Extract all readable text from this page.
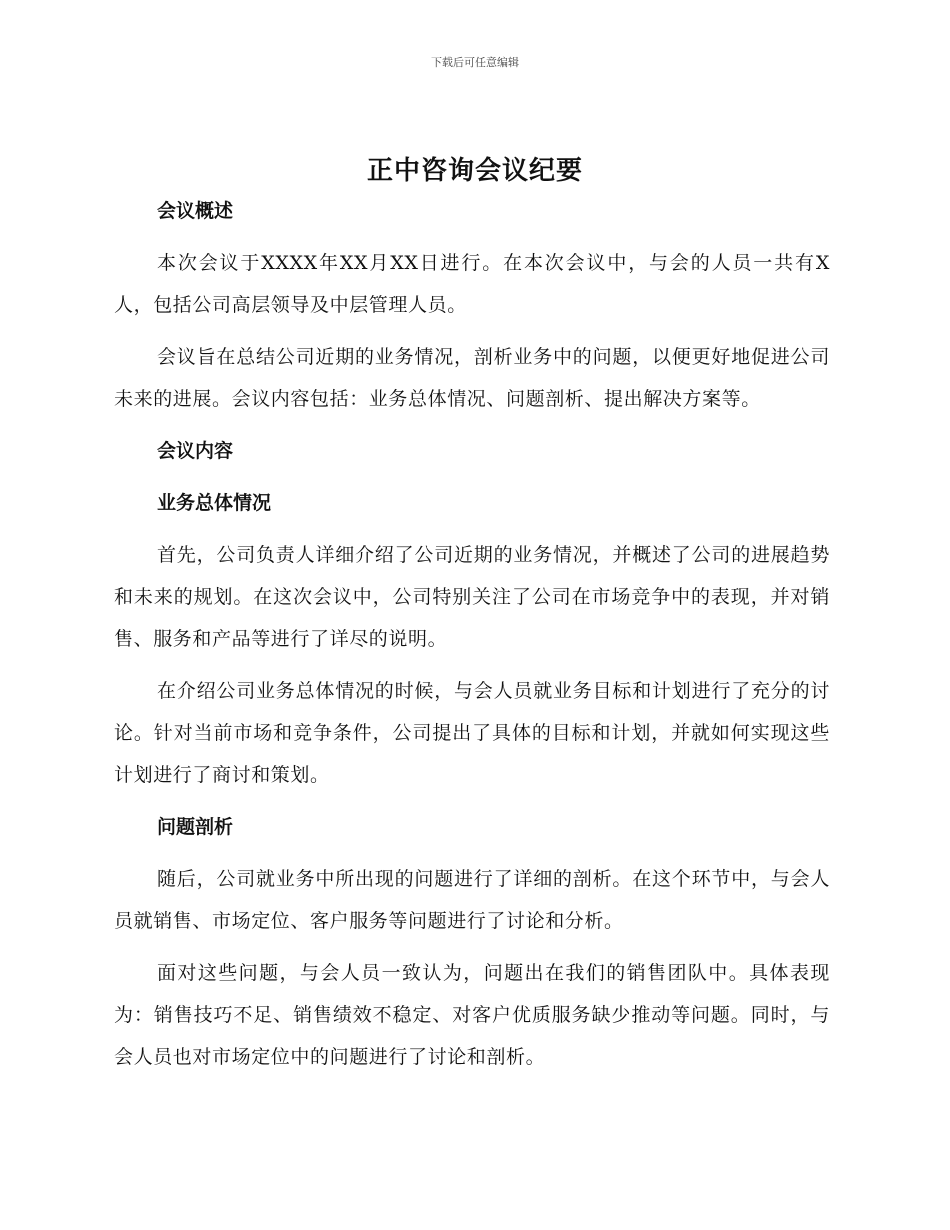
下载后可任意编辑
正中咨询会议纪要

会议概述

本次会议于XXXX年XX月XX日进行。在本次会议中，与会的人员一共有X人，包括公司高层领导及中层管理人员。

会议旨在总结公司近期的业务情况，剖析业务中的问题，以便更好地促进公司未来的进展。会议内容包括：业务总体情况、问题剖析、提出解决方案等。

会议内容

业务总体情况

首先，公司负责人详细介绍了公司近期的业务情况，并概述了公司的进展趋势和未来的规划。在这次会议中，公司特别关注了公司在市场竞争中的表现，并对销售、服务和产品等进行了详尽的说明。

在介绍公司业务总体情况的时候，与会人员就业务目标和计划进行了充分的讨论。针对当前市场和竞争条件，公司提出了具体的目标和计划，并就如何实现这些计划进行了商讨和策划。

问题剖析

随后，公司就业务中所出现的问题进行了详细的剖析。在这个环节中，与会人员就销售、市场定位、客户服务等问题进行了讨论和分析。

面对这些问题，与会人员一致认为，问题出在我们的销售团队中。具体表现为：销售技巧不足、销售绩效不稳定、对客户优质服务缺少推动等问题。同时，与会人员也对市场定位中的问题进行了讨论和剖析。
